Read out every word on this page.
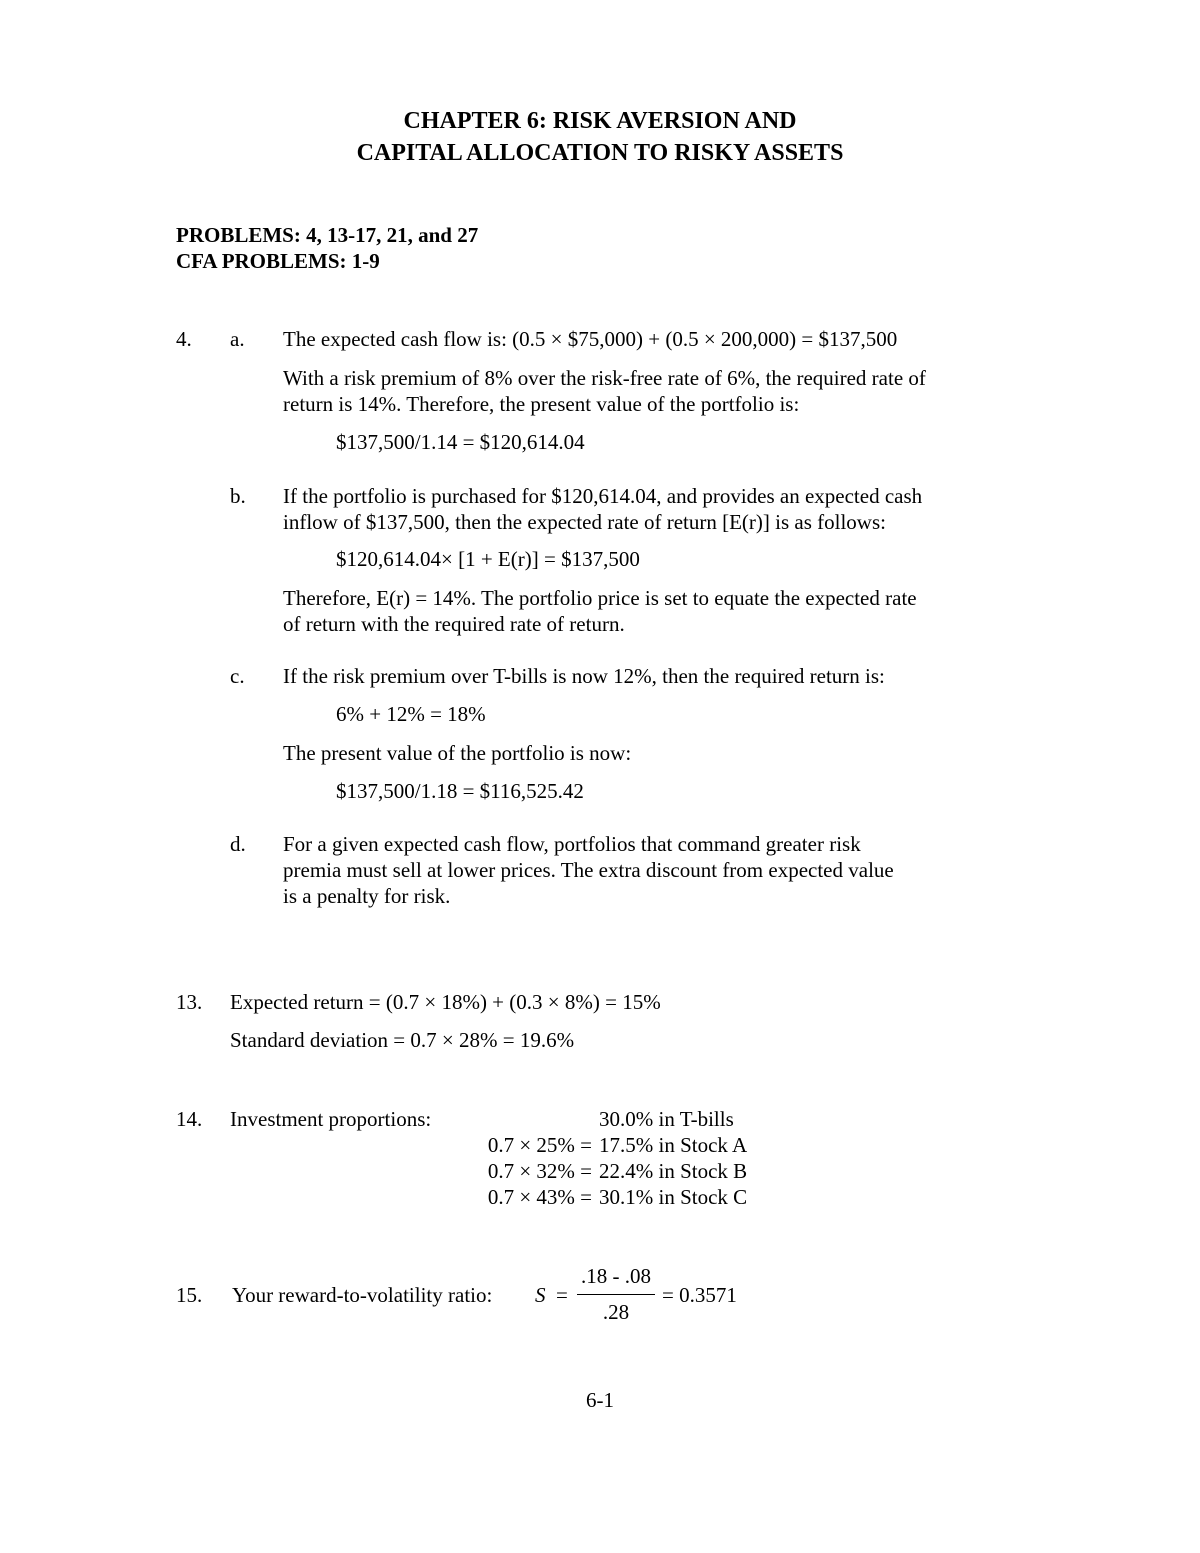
CHAPTER 6: RISK AVERSION AND
CAPITAL ALLOCATION TO RISKY ASSETS
PROBLEMS: 4, 13-17, 21, and 27
CFA PROBLEMS: 1-9
4. a. The expected cash flow is: (0.5 × $75,000) + (0.5 × 200,000) = $137,500
With a risk premium of 8% over the risk-free rate of 6%, the required rate of
return is 14%. Therefore, the present value of the portfolio is:
$137,500/1.14 = $120,614.04
b. If the portfolio is purchased for $120,614.04, and provides an expected cash
inflow of $137,500, then the expected rate of return [E(r)] is as follows:
$120,614.04× [1 + E(r)] = $137,500
Therefore, E(r) = 14%. The portfolio price is set to equate the expected rate
of return with the required rate of return.
c. If the risk premium over T-bills is now 12%, then the required return is:
6% + 12% = 18%
The present value of the portfolio is now:
$137,500/1.18 = $116,525.42
d. For a given expected cash flow, portfolios that command greater risk
premia must sell at lower prices. The extra discount from expected value
is a penalty for risk.
13. Expected return = (0.7 × 18%) + (0.3 × 8%) = 15%
Standard deviation = 0.7 × 28% = 19.6%
14. Investment proportions:	30.0% in T-bills
0.7 × 25% = 17.5% in Stock A
0.7 × 32% = 22.4% in Stock B
0.7 × 43% = 30.1% in Stock C
15. Your reward-to-volatility ratio: S =
.18 - .08
.28
= 0.3571
6-1
